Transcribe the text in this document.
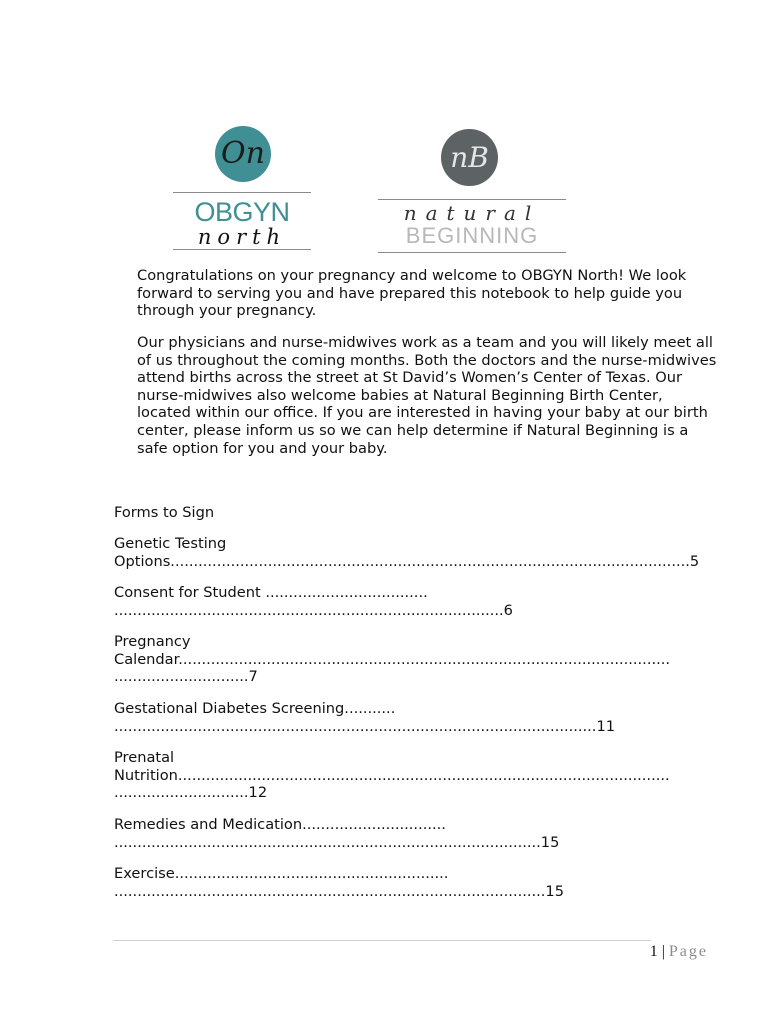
On
OBGYN
north
nB
natural
BEGINNING
Congratulations on your pregnancy and welcome to OBGYN North! We look forward to serving you and have prepared this notebook to help guide you through your pregnancy.
Our physicians and nurse-midwives work as a team and you will likely meet all of us throughout the coming months. Both the doctors and the nurse-midwives attend births across the street at St David’s Women’s Center of Texas. Our nurse-midwives also welcome babies at Natural Beginning Birth Center, located within our office. If you are interested in having your baby at our birth center, please inform us so we can help determine if Natural Beginning is a safe option for you and your baby.
Forms to Sign
Genetic Testing
Options................................................................................................................5
Consent for Student ...................................
....................................................................................6
Pregnancy
Calendar..........................................................................................................
.............................7
Gestational Diabetes Screening...........
........................................................................................................11
Prenatal
Nutrition..........................................................................................................
.............................12
Remedies and Medication...............................
............................................................................................15
Exercise...........................................................
.............................................................................................15
1 | Page
